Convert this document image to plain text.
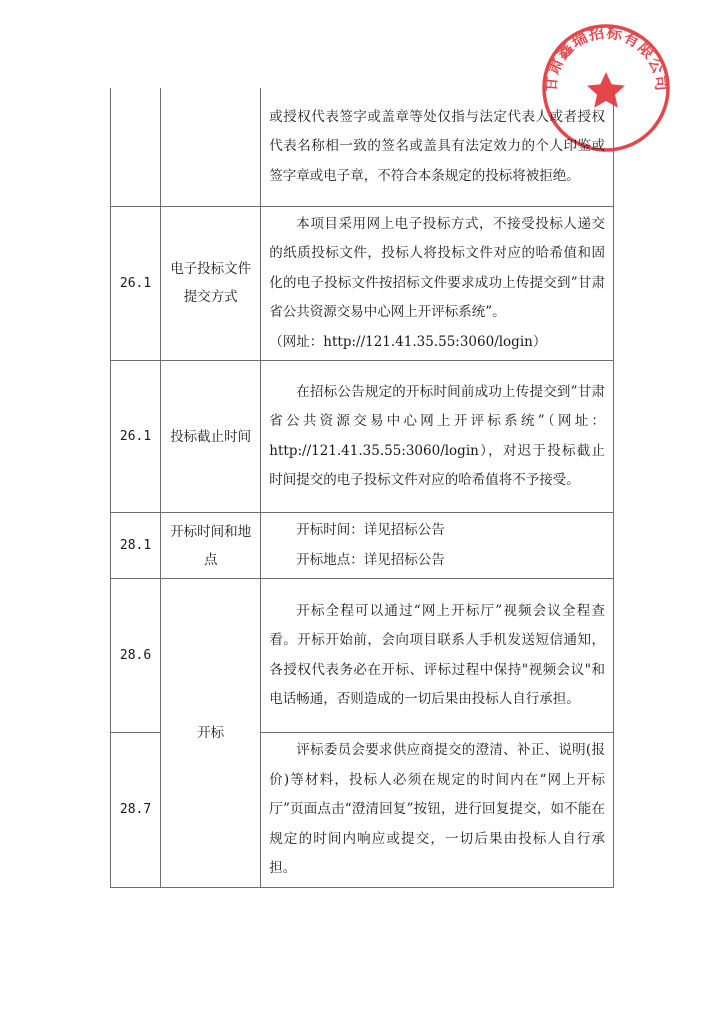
甘肃鑫瑞招标有限公司

		或授权代表签字或盖章等处仅指与法定代表人或者授权代表名称相一致的签名或盖具有法定效力的个人印鉴或签字章或电子章，不符合本条规定的投标将被拒绝。

26.1	电子投标文件提交方式	本项目采用网上电子投标方式，不接受投标人递交的纸质投标文件，投标人将投标文件对应的哈希值和固化的电子投标文件按招标文件要求成功上传提交到”甘肃省公共资源交易中心网上开评标系统”。

（网址：http://121.41.35.55:3060/login）

26.1	投标截止时间	在招标公告规定的开标时间前成功上传提交到”甘肃省公共资源交易中心网上开评标系统”（网址：http://121.41.35.55:3060/login），对迟于投标截止时间提交的电子投标文件对应的哈希值将不予接受。

28.1	开标时间和地点	开标时间：详见招标公告

开标地点：详见招标公告

28.6	开标	开标全程可以通过“网上开标厅”视频会议全程查看。开标开始前，会向项目联系人手机发送短信通知，各授权代表务必在开标、评标过程中保持"视频会议"和电话畅通，否则造成的一切后果由投标人自行承担。

28.7		评标委员会要求供应商提交的澄清、补正、说明(报价)等材料，投标人必须在规定的时间内在“网上开标厅”页面点击“澄清回复”按钮，进行回复提交，如不能在规定的时间内响应或提交，一切后果由投标人自行承担。
